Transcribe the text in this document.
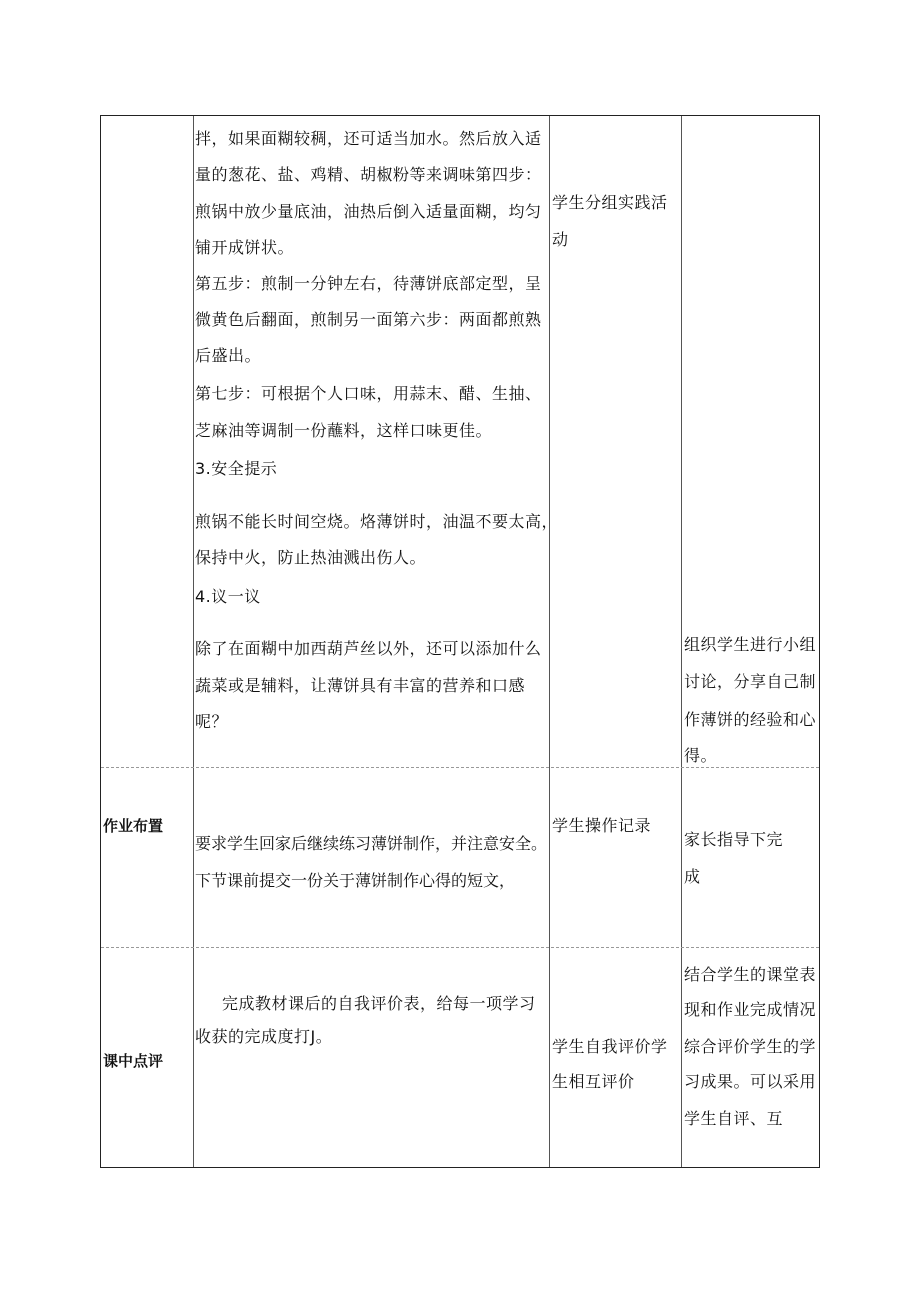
拌，如果面糊较稠，还可适当加水。然后放入适
量的葱花、盐、鸡精、胡椒粉等来调味第四步：
煎锅中放少量底油，油热后倒入适量面糊，均匀
铺开成饼状。
第五步：煎制一分钟左右，待薄饼底部定型，呈
微黄色后翻面，煎制另一面第六步：两面都煎熟
后盛出。
第七步：可根据个人口味，用蒜末、醋、生抽、
芝麻油等调制一份蘸料，这样口味更佳。
3.安全提示
煎锅不能长时间空烧。烙薄饼时，油温不要太高，
保持中火，防止热油溅出伤人。
4.议一议
除了在面糊中加西葫芦丝以外，还可以添加什么
蔬菜或是辅料，让薄饼具有丰富的营养和口感
呢？
学生分组实践活
动
组织学生进行小组
讨论，分享自己制
作薄饼的经验和心
得。
作业布置
要求学生回家后继续练习薄饼制作，并注意安全。
下节课前提交一份关于薄饼制作心得的短文，
学生操作记录
家长指导下完
成
课中点评
完成教材课后的自我评价表，给每一项学习
收获的完成度打J。
学生自我评价学
生相互评价
结合学生的课堂表
现和作业完成情况
综合评价学生的学
习成果。可以采用
学生自评、互
